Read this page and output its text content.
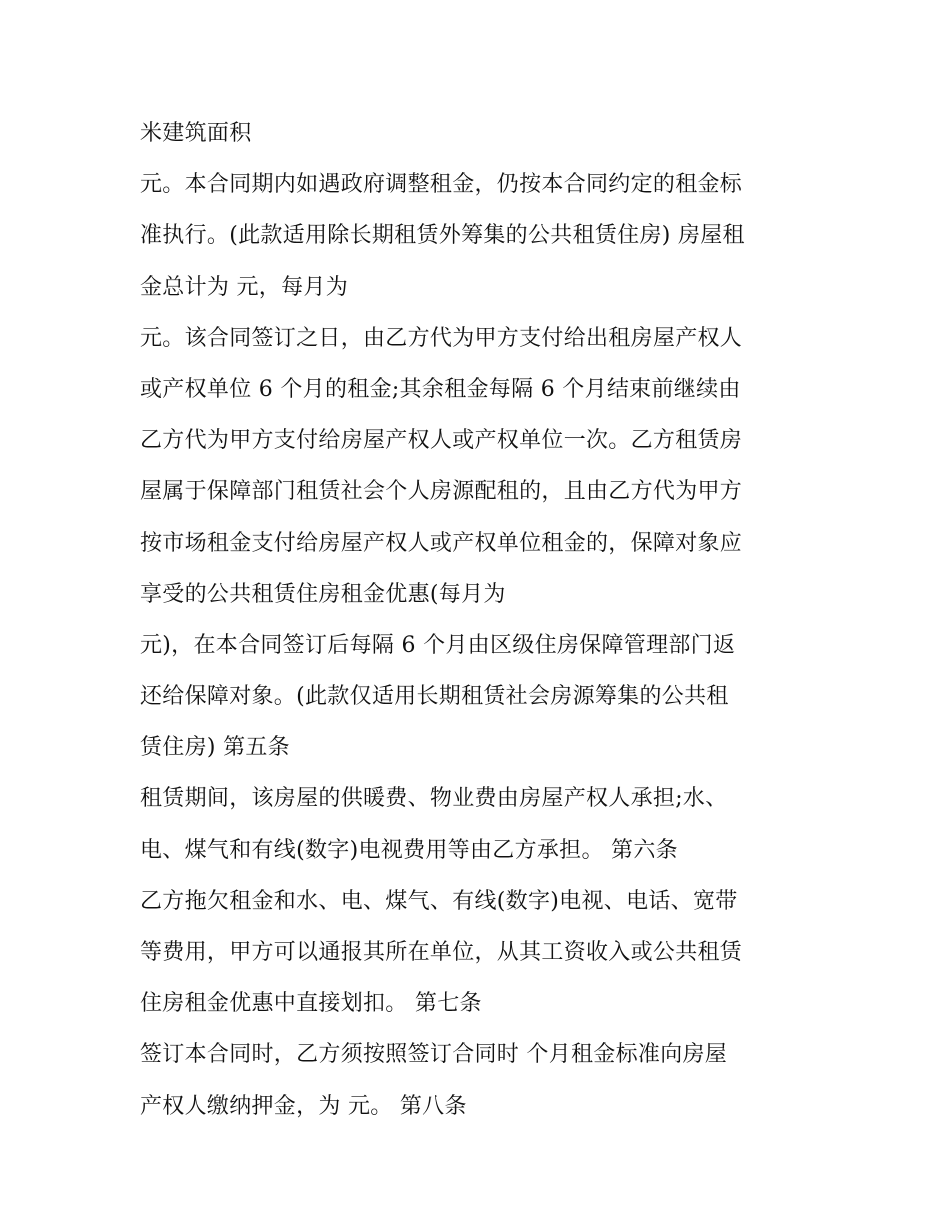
米建筑面积
元。本合同期内如遇政府调整租金，仍按本合同约定的租金标
准执行。(此款适用除长期租赁外筹集的公共租赁住房) 房屋租
金总计为 元，每月为
元。该合同签订之日，由乙方代为甲方支付给出租房屋产权人
或产权单位 6 个月的租金;其余租金每隔 6 个月结束前继续由
乙方代为甲方支付给房屋产权人或产权单位一次。乙方租赁房
屋属于保障部门租赁社会个人房源配租的，且由乙方代为甲方
按市场租金支付给房屋产权人或产权单位租金的，保障对象应
享受的公共租赁住房租金优惠(每月为
元)，在本合同签订后每隔 6 个月由区级住房保障管理部门返
还给保障对象。(此款仅适用长期租赁社会房源筹集的公共租
赁住房) 第五条
租赁期间，该房屋的供暖费、物业费由房屋产权人承担;水、
电、煤气和有线(数字)电视费用等由乙方承担。 第六条
乙方拖欠租金和水、电、煤气、有线(数字)电视、电话、宽带
等费用，甲方可以通报其所在单位，从其工资收入或公共租赁
住房租金优惠中直接划扣。 第七条
签订本合同时，乙方须按照签订合同时 个月租金标准向房屋
产权人缴纳押金，为 元。 第八条
